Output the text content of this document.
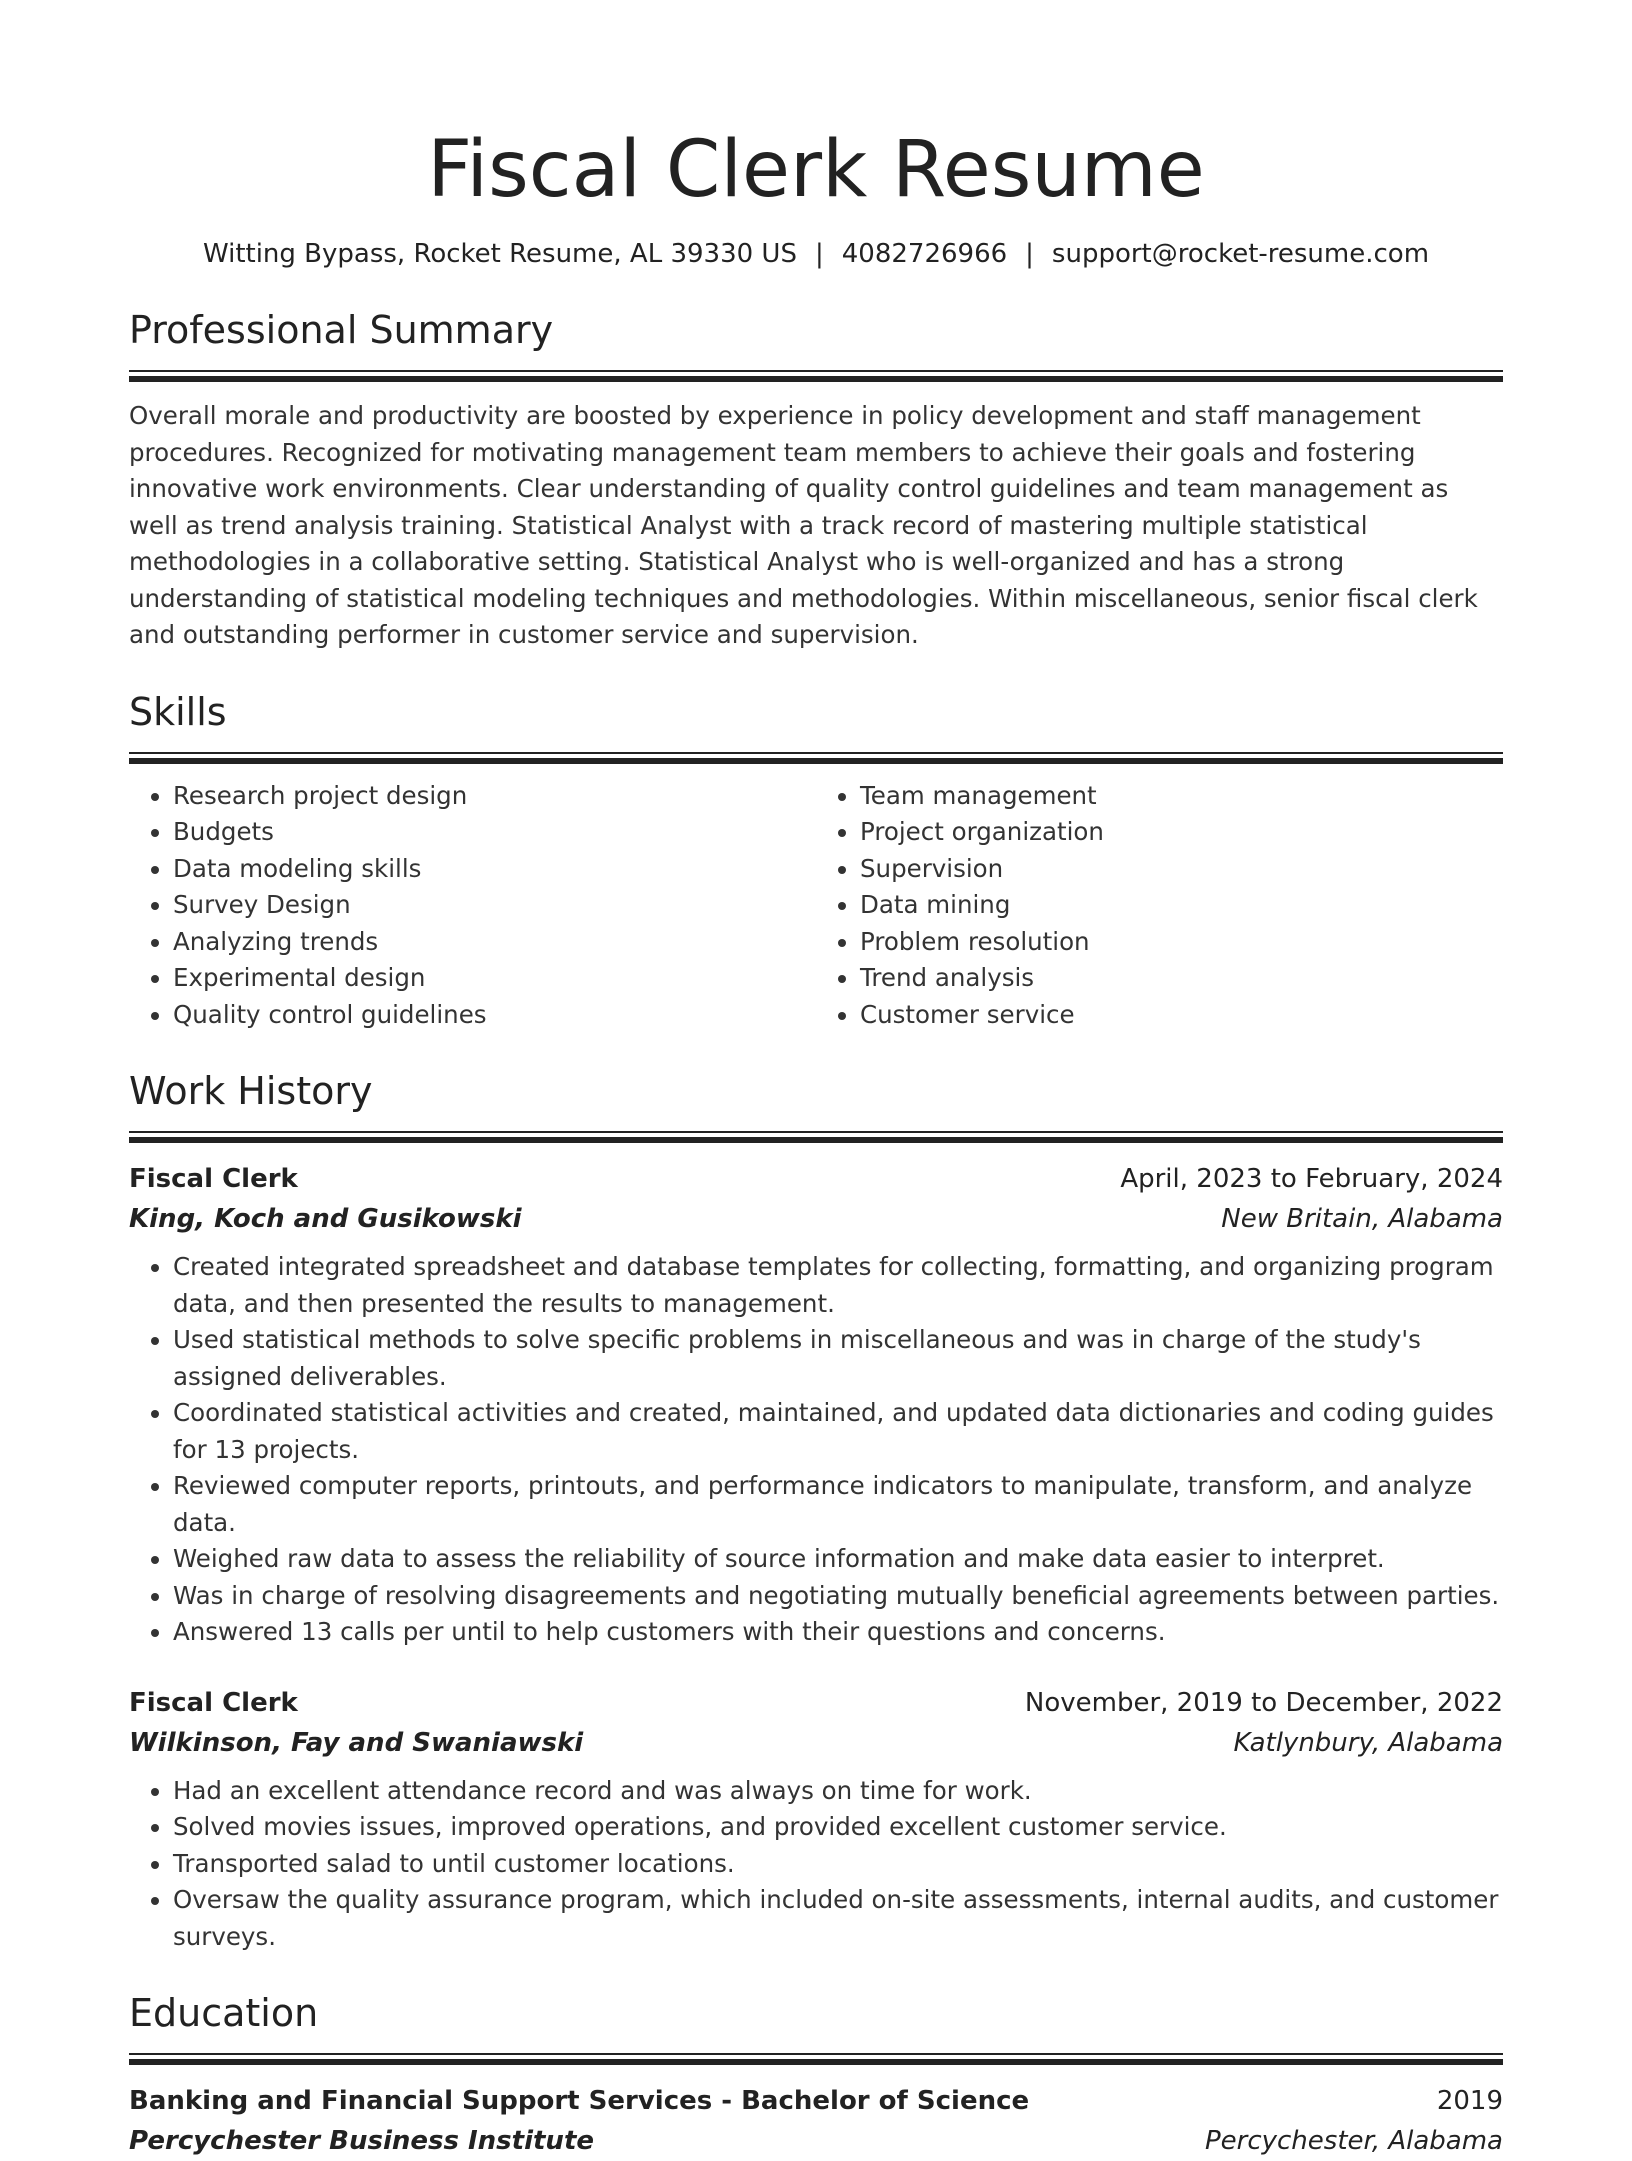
Fiscal Clerk Resume
Witting Bypass, Rocket Resume, AL 39330 US | 4082726966 | support@rocket-resume.com
Professional Summary
Overall morale and productivity are boosted by experience in policy development and staff management procedures. Recognized for motivating management team members to achieve their goals and fostering innovative work environments. Clear understanding of quality control guidelines and team management as well as trend analysis training. Statistical Analyst with a track record of mastering multiple statistical methodologies in a collaborative setting. Statistical Analyst who is well-organized and has a strong understanding of statistical modeling techniques and methodologies. Within miscellaneous, senior fiscal clerk and outstanding performer in customer service and supervision.
Skills
• Research project design
• Budgets
• Data modeling skills
• Survey Design
• Analyzing trends
• Experimental design
• Quality control guidelines
• Team management
• Project organization
• Supervision
• Data mining
• Problem resolution
• Trend analysis
• Customer service
Work History
Fiscal Clerk	April, 2023 to February, 2024
King, Koch and Gusikowski	New Britain, Alabama
• Created integrated spreadsheet and database templates for collecting, formatting, and organizing program data, and then presented the results to management.
• Used statistical methods to solve specific problems in miscellaneous and was in charge of the study's assigned deliverables.
• Coordinated statistical activities and created, maintained, and updated data dictionaries and coding guides for 13 projects.
• Reviewed computer reports, printouts, and performance indicators to manipulate, transform, and analyze data.
• Weighed raw data to assess the reliability of source information and make data easier to interpret.
• Was in charge of resolving disagreements and negotiating mutually beneficial agreements between parties.
• Answered 13 calls per until to help customers with their questions and concerns.
Fiscal Clerk	November, 2019 to December, 2022
Wilkinson, Fay and Swaniawski	Katlynbury, Alabama
• Had an excellent attendance record and was always on time for work.
• Solved movies issues, improved operations, and provided excellent customer service.
• Transported salad to until customer locations.
• Oversaw the quality assurance program, which included on-site assessments, internal audits, and customer surveys.
Education
Banking and Financial Support Services - Bachelor of Science	2019
Percychester Business Institute	Percychester, Alabama
